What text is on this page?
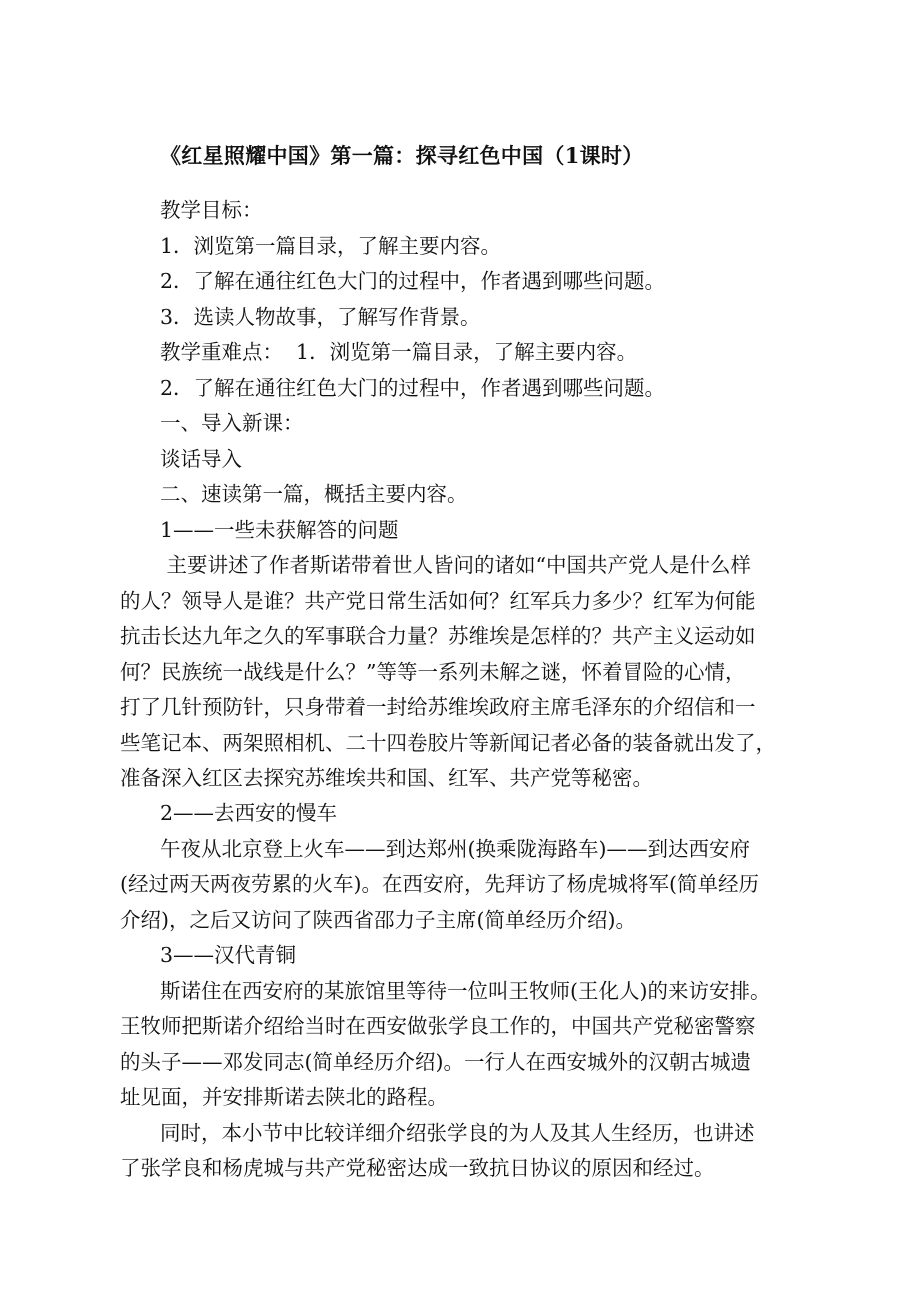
《红星照耀中国》第一篇：探寻红色中国（1课时）
教学目标：
1．浏览第一篇目录，了解主要内容。
2．了解在通往红色大门的过程中，作者遇到哪些问题。
3．选读人物故事，了解写作背景。
教学重难点：  1．浏览第一篇目录，了解主要内容。
2．了解在通往红色大门的过程中，作者遇到哪些问题。
一、导入新课：
谈话导入
二、速读第一篇，概括主要内容。
1——一些未获解答的问题
主要讲述了作者斯诺带着世人皆问的诸如“中国共产党人是什么样
的人？领导人是谁？共产党日常生活如何？红军兵力多少？红军为何能
抗击长达九年之久的军事联合力量？苏维埃是怎样的？共产主义运动如
何？民族统一战线是什么？”等等一系列未解之谜，怀着冒险的心情，
打了几针预防针，只身带着一封给苏维埃政府主席毛泽东的介绍信和一
些笔记本、两架照相机、二十四卷胶片等新闻记者必备的装备就出发了，
准备深入红区去探究苏维埃共和国、红军、共产党等秘密。
2——去西安的慢车
午夜从北京登上火车——到达郑州(换乘陇海路车)——到达西安府
(经过两天两夜劳累的火车)。在西安府，先拜访了杨虎城将军(简单经历
介绍)，之后又访问了陕西省邵力子主席(简单经历介绍)。
3——汉代青铜
斯诺住在西安府的某旅馆里等待一位叫王牧师(王化人)的来访安排。
王牧师把斯诺介绍给当时在西安做张学良工作的，中国共产党秘密警察
的头子——邓发同志(简单经历介绍)。一行人在西安城外的汉朝古城遗
址见面，并安排斯诺去陕北的路程。
同时，本小节中比较详细介绍张学良的为人及其人生经历，也讲述
了张学良和杨虎城与共产党秘密达成一致抗日协议的原因和经过。
